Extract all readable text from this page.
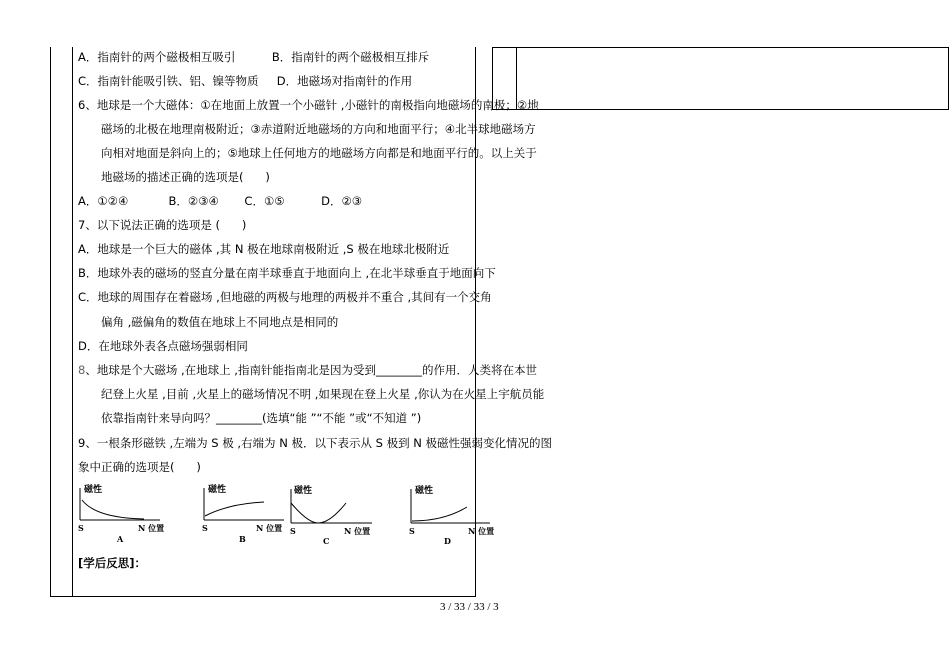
A．指南针的两个磁极相互吸引          B．指南针的两个磁极相互排斥
C．指南针能吸引铁、铝、镍等物质     D．地磁场对指南针的作用
6、地球是一个大磁体：①在地面上放置一个小磁针 ,小磁针的南极指向地磁场的南极；②地
磁场的北极在地理南极附近；③赤道附近地磁场的方向和地面平行；④北半球地磁场方
向相对地面是斜向上的；⑤地球上任何地方的地磁场方向都是和地面平行的。以上关于
地磁场的描述正确的选项是(      )
A．①②④           B．②③④       C．①⑤          D．②③
7、以下说法正确的选项是 (      )
A．地球是一个巨大的磁体 ,其 N 极在地球南极附近 ,S 极在地球北极附近
B．地球外表的磁场的竖直分量在南半球垂直于地面向上 ,在北半球垂直于地面向下
C．地球的周围存在着磁场 ,但地磁的两极与地理的两极并不重合 ,其间有一个交角
偏角 ,磁偏角的数值在地球上不同地点是相同的
D．在地球外表各点磁场强弱相同
8、地球是个大磁场 ,在地球上 ,指南针能指南北是因为受到________的作用．人类将在本世
纪登上火星 ,目前 ,火星上的磁场情况不明 ,如果现在登上火星 ,你认为在火星上宇航员能
依靠指南针来导向吗？________(选填“能 ”“不能 ”或“不知道 ”)
9、一根条形磁铁 ,左端为 S 极 ,右端为 N 极．以下表示从 S 极到 N 极磁性强弱变化情况的图
象中正确的选项是(      )
磁性
S	N 位置
A
磁性
S	N 位置
B
磁性
S	N 位置
C
磁性
S	N 位置
D
[学后反思]：
3 / 33 / 33 / 3
